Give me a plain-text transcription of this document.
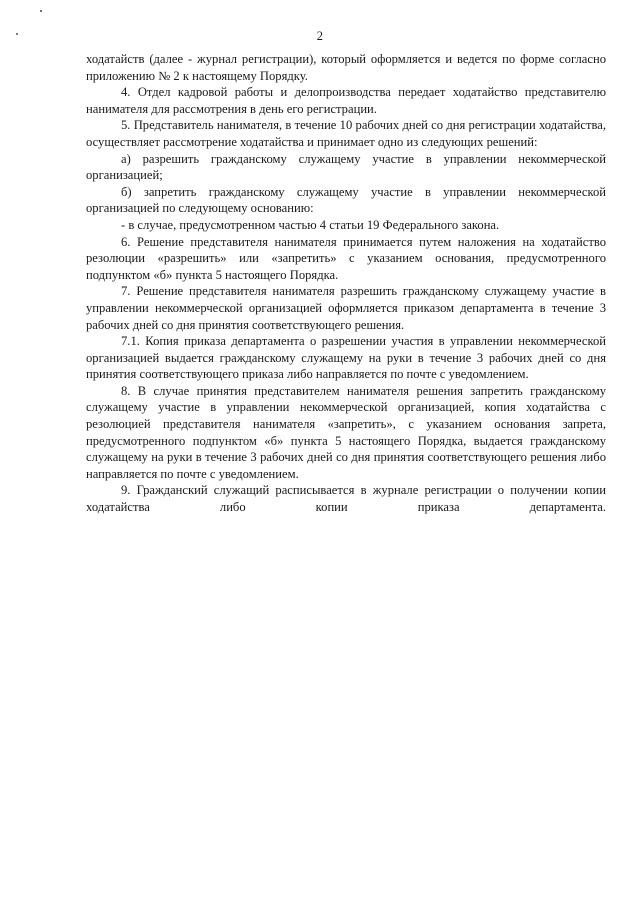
2

ходатайств (далее - журнал регистрации), который оформляется и ведется по форме согласно приложению № 2 к настоящему Порядку.

4. Отдел кадровой работы и делопроизводства передает ходатайство представителю нанимателя для рассмотрения в день его регистрации.

5. Представитель нанимателя, в течение 10 рабочих дней со дня регистрации ходатайства, осуществляет рассмотрение ходатайства и принимает одно из следующих решений:

а) разрешить гражданскому служащему участие в управлении некоммерческой организацией;

б) запретить гражданскому служащему участие в управлении некоммерческой организацией по следующему основанию:

- в случае, предусмотренном частью 4 статьи 19 Федерального закона.

6. Решение представителя нанимателя принимается путем наложения на ходатайство резолюции «разрешить» или «запретить» с указанием основания, предусмотренного подпунктом «б» пункта 5 настоящего Порядка.

7. Решение представителя нанимателя разрешить гражданскому служащему участие в управлении некоммерческой организацией оформляется приказом департамента в течение 3 рабочих дней со дня принятия соответствующего решения.

7.1. Копия приказа департамента о разрешении участия в управлении некоммерческой организацией выдается гражданскому служащему на руки в течение 3 рабочих дней со дня принятия соответствующего приказа либо направляется по почте с уведомлением.

8. В случае принятия представителем нанимателя решения запретить гражданскому служащему участие в управлении некоммерческой организацией, копия ходатайства с резолюцией представителя нанимателя «запретить», с указанием основания запрета, предусмотренного подпунктом «б» пункта 5 настоящего Порядка, выдается гражданскому служащему на руки в течение 3 рабочих дней со дня принятия соответствующего решения либо направляется по почте с уведомлением.

9. Гражданский служащий расписывается в журнале регистрации о получении копии ходатайства либо копии приказа департамента.
